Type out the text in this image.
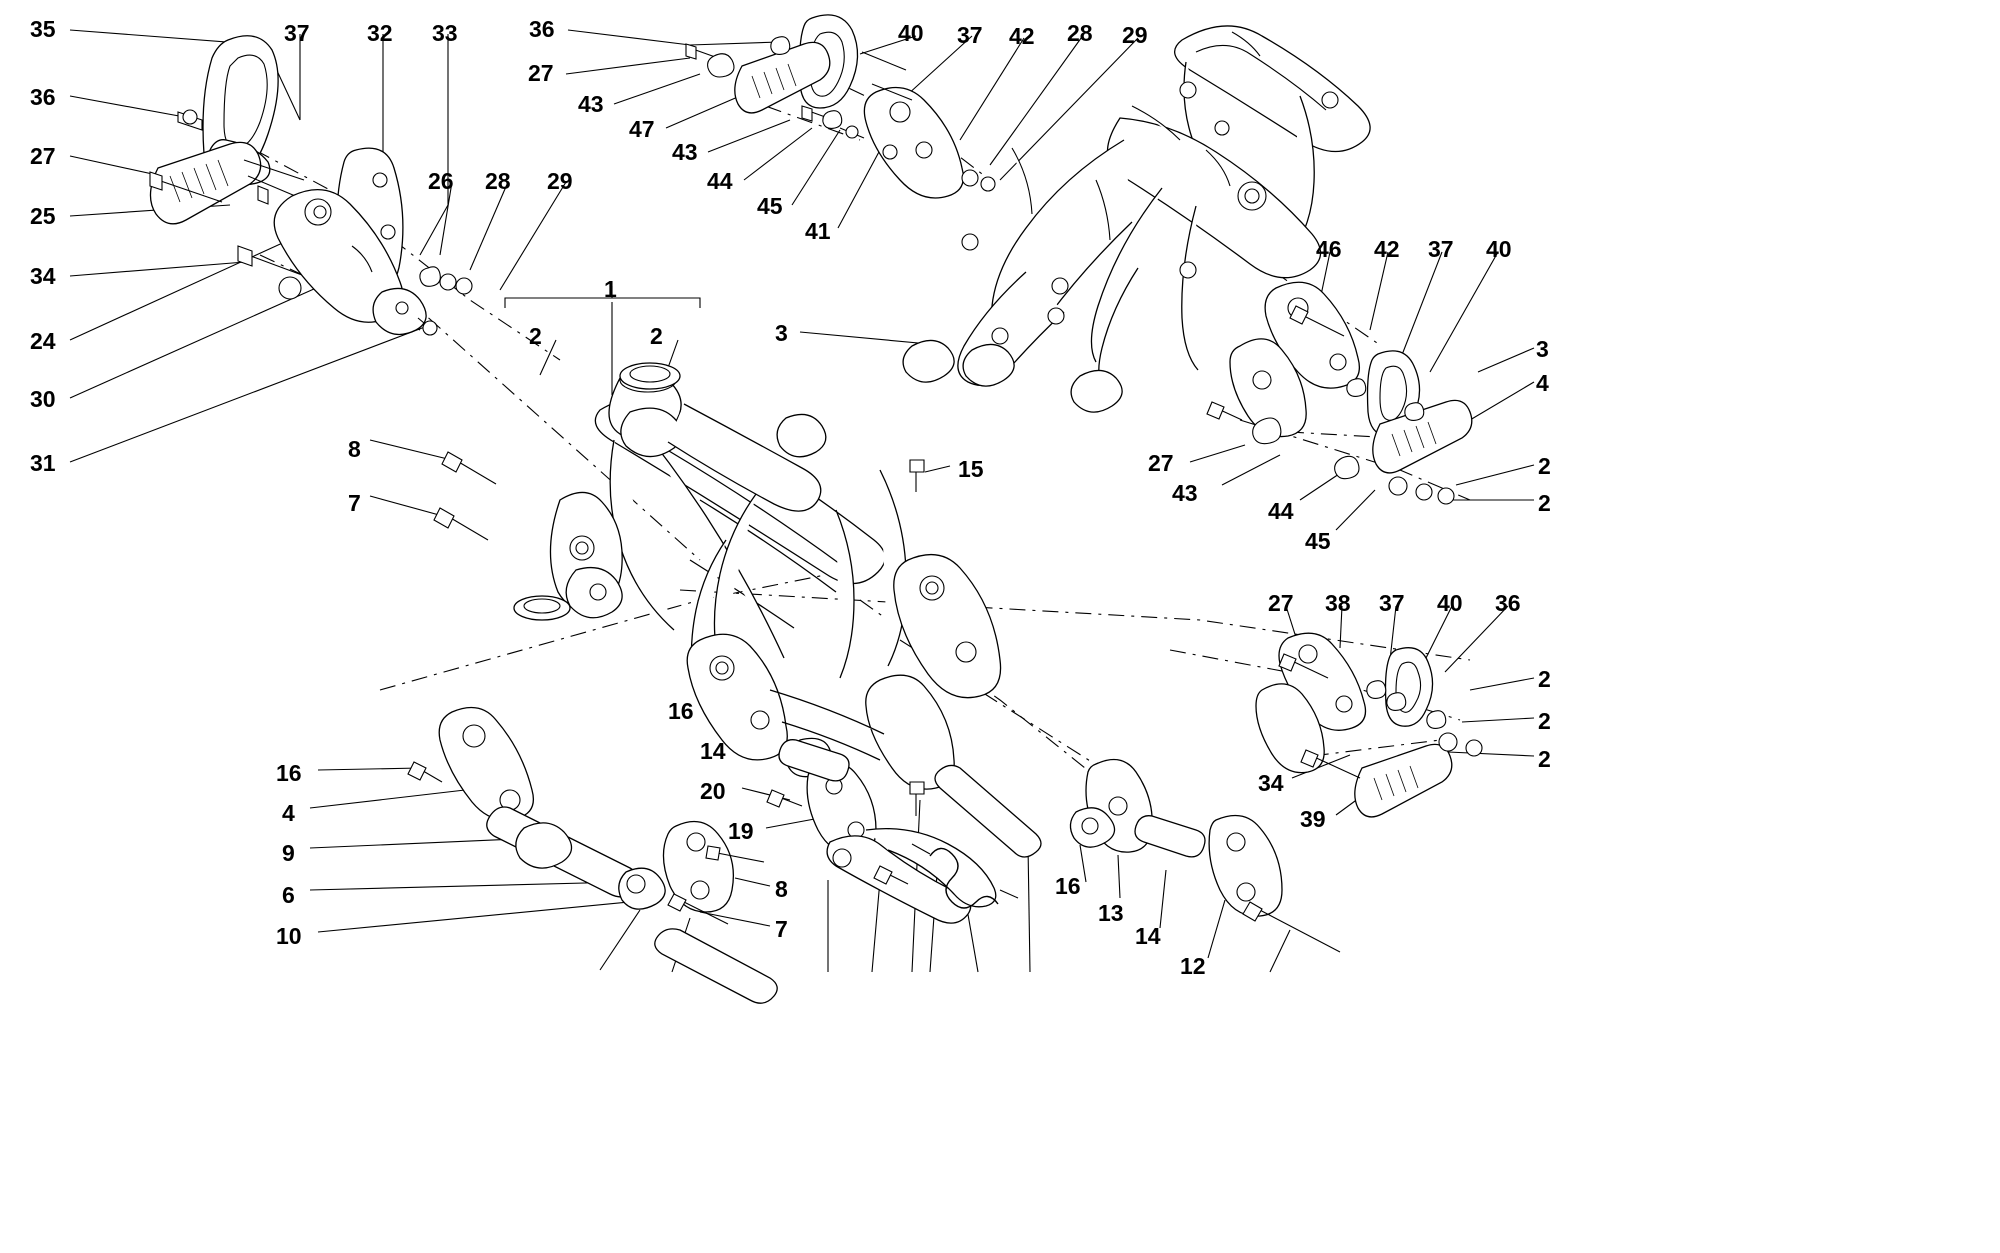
35	37 32 33	36	40 37 42 28 29
36
27
43
47
43
27
25
44
45
41
26 28 29
34
24
30
31
46 42 37 40
3
4
3
2	2
8
7
15	27
43
44
45
2
2
27 38 37 40 36
2
2
2
16
14
16
4
9
6
10
20
19
8
7
16
13
14
12
34
39
1
